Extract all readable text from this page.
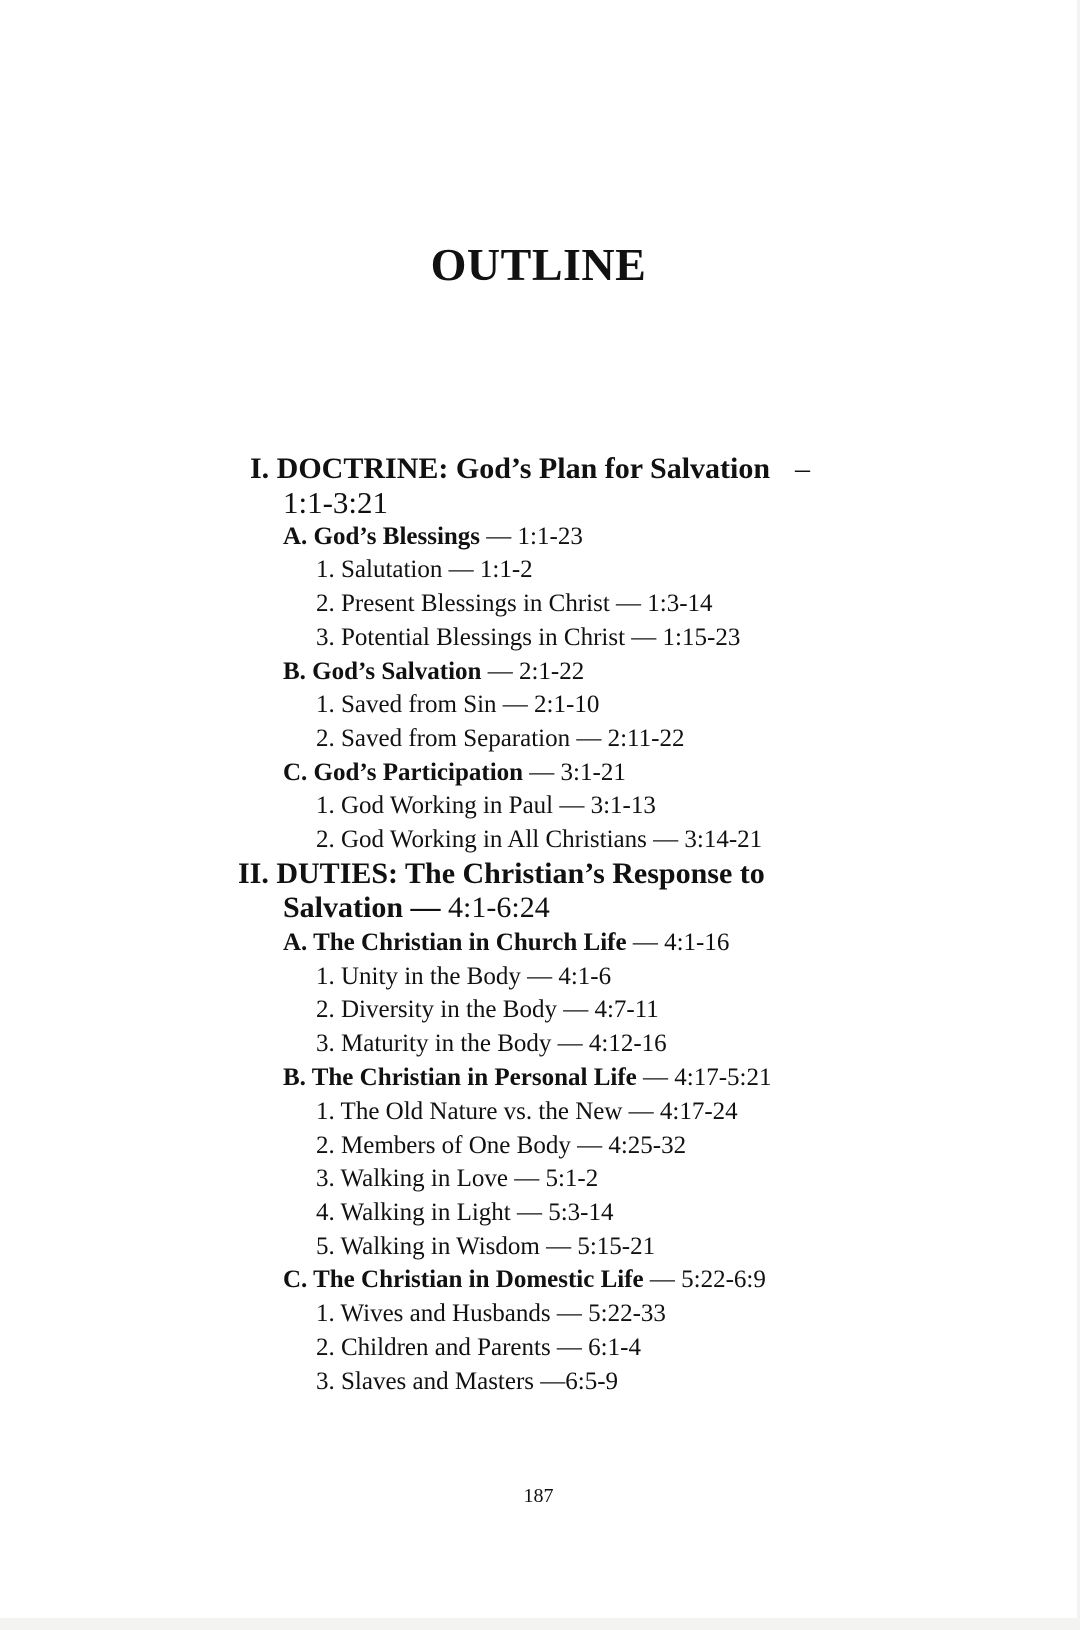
OUTLINE
I. DOCTRINE: God’s Plan for Salvation –
1:1-3:21
A. God’s Blessings — 1:1-23
1. Salutation — 1:1-2
2. Present Blessings in Christ — 1:3-14
3. Potential Blessings in Christ — 1:15-23
B. God’s Salvation — 2:1-22
1. Saved from Sin — 2:1-10
2. Saved from Separation — 2:11-22
C. God’s Participation — 3:1-21
1. God Working in Paul — 3:1-13
2. God Working in All Christians — 3:14-21
II. DUTIES: The Christian’s Response to
Salvation — 4:1-6:24
A. The Christian in Church Life — 4:1-16
1. Unity in the Body — 4:1-6
2. Diversity in the Body — 4:7-11
3. Maturity in the Body — 4:12-16
B. The Christian in Personal Life — 4:17-5:21
1. The Old Nature vs. the New — 4:17-24
2. Members of One Body — 4:25-32
3. Walking in Love — 5:1-2
4. Walking in Light — 5:3-14
5. Walking in Wisdom — 5:15-21
C. The Christian in Domestic Life — 5:22-6:9
1. Wives and Husbands — 5:22-33
2. Children and Parents — 6:1-4
3. Slaves and Masters —6:5-9
187
